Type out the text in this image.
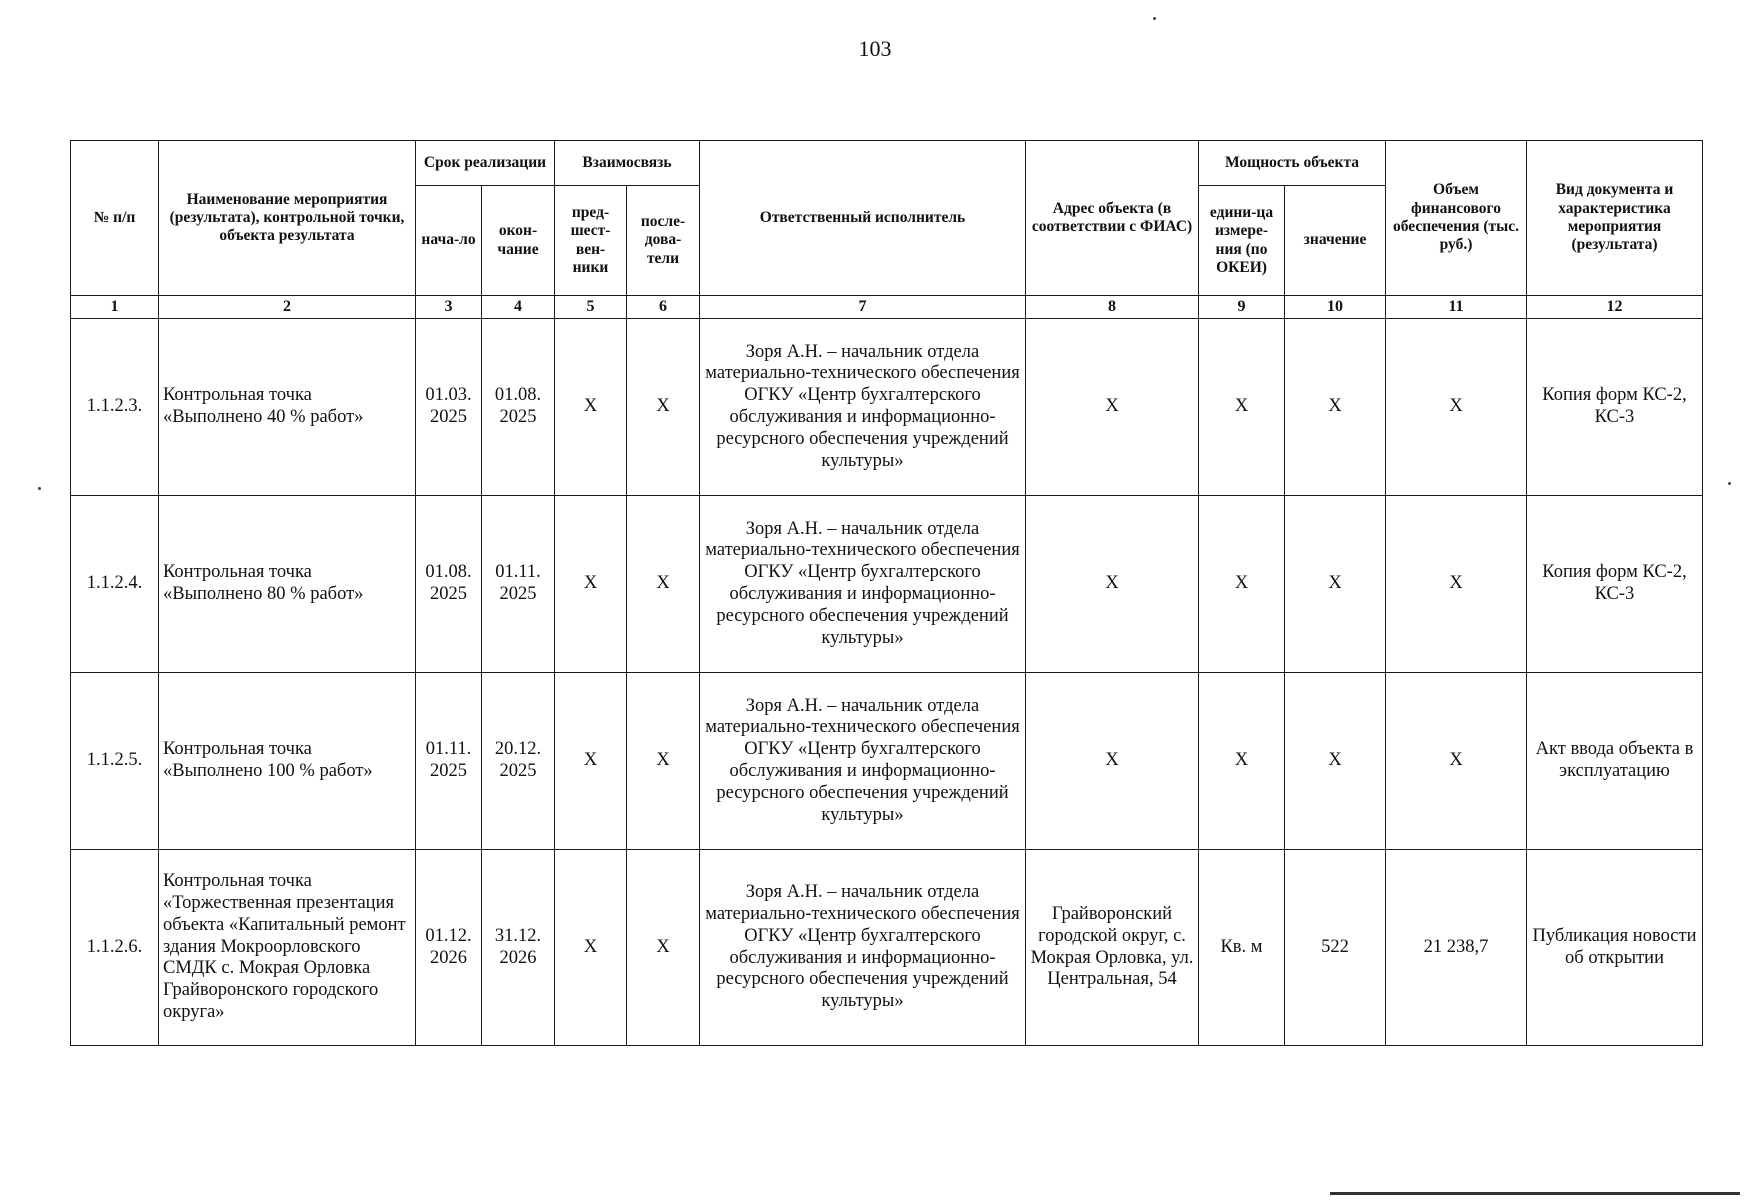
103
№ п/п	Наименование мероприятия (результата), контрольной точки, объекта результата	Срок реализации		Взаимосвязь		Ответственный исполнитель	Адрес объекта (в соответствии с ФИАС)	Мощность объекта		Объем финансового обеспечения (тыс. руб.)	Вид документа и характеристика мероприятия (результата)
		нача-ло	окон-чание	пред-шест-вен-ники	после-дова-тели			едини-ца измере-ния (по ОКЕИ)	значение		
1	2	3	4	5	6	7	8	9	10	11	12
1.1.2.3.	Контрольная точка «Выполнено 40 % работ»	01.03. 2025	01.08. 2025	X	X	Зоря А.Н. – начальник отдела материально-технического обеспечения ОГКУ «Центр бухгалтерского обслуживания и информационно-ресурсного обеспечения учреждений культуры»	X	X	X	X	Копия форм КС-2, КС-3
1.1.2.4.	Контрольная точка «Выполнено 80 % работ»	01.08. 2025	01.11. 2025	X	X	Зоря А.Н. – начальник отдела материально-технического обеспечения ОГКУ «Центр бухгалтерского обслуживания и информационно-ресурсного обеспечения учреждений культуры»	X	X	X	X	Копия форм КС-2, КС-3
1.1.2.5.	Контрольная точка «Выполнено 100 % работ»	01.11. 2025	20.12. 2025	X	X	Зоря А.Н. – начальник отдела материально-технического обеспечения ОГКУ «Центр бухгалтерского обслуживания и информационно-ресурсного обеспечения учреждений культуры»	X	X	X	X	Акт ввода объекта в эксплуатацию
1.1.2.6.	Контрольная точка «Торжественная презентация объекта «Капитальный ремонт здания Мокроорловского СМДК с. Мокрая Орловка Грайворонского городского округа»	01.12. 2026	31.12. 2026	X	X	Зоря А.Н. – начальник отдела материально-технического обеспечения ОГКУ «Центр бухгалтерского обслуживания и информационно-ресурсного обеспечения учреждений культуры»	Грайворонский городской округ, с. Мокрая Орловка, ул. Центральная, 54	Кв. м	522	21 238,7	Публикация новости об открытии
